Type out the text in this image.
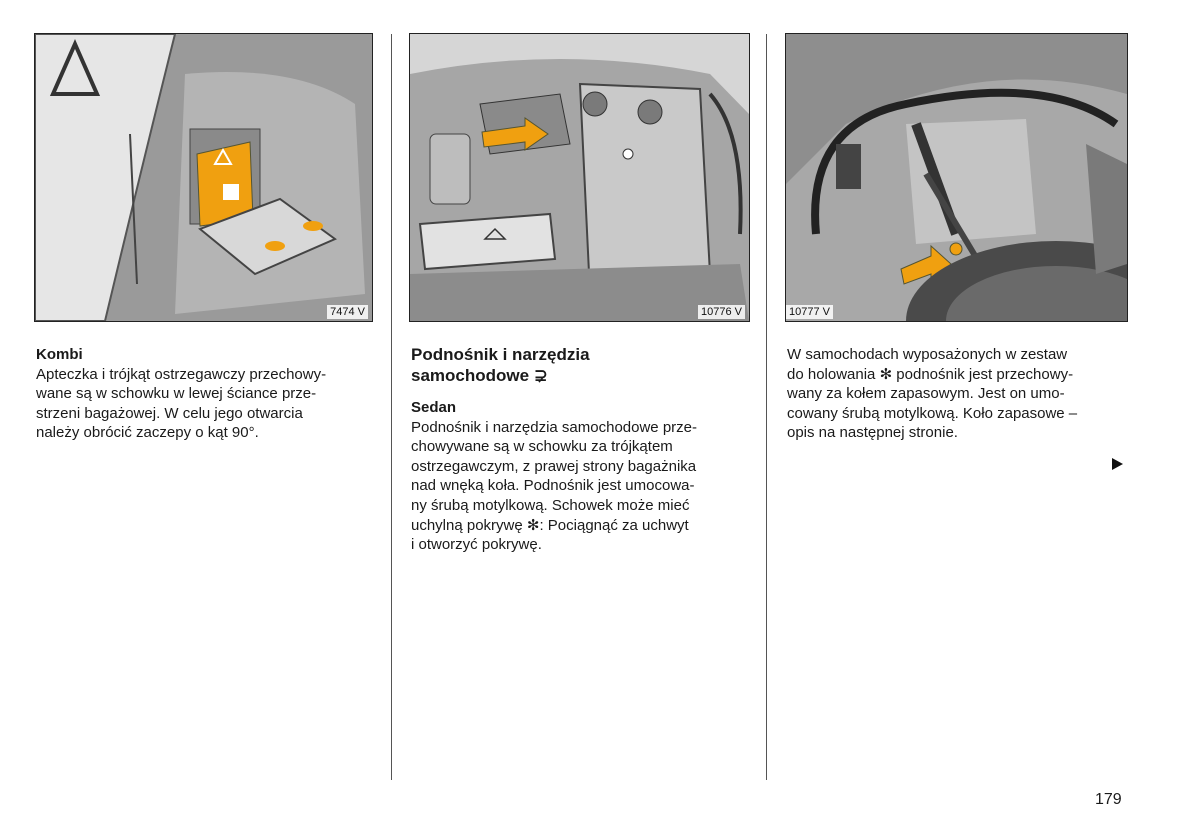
7474 V	10776 V	10777 V

Kombi

Apteczka i trójkąt ostrzegawczy przechowy-

wane są w schowku w lewej ściance prze-

strzeni bagażowej. W celu jego otwarcia

należy obrócić zaczepy o kąt 90°.

Podnośnik i narzędzia

samochodowe ⊋

Sedan

Podnośnik i narzędzia samochodowe prze-

chowywane są w schowku za trójkątem

ostrzegawczym, z prawej strony bagażnika

nad wnęką koła. Podnośnik jest umocowa-

ny śrubą motylkową. Schowek może mieć

uchylną pokrywę ✻: Pociągnąć za uchwyt

i otworzyć pokrywę.

W samochodach wyposażonych w zestaw

do holowania ✻ podnośnik jest przechowy-

wany za kołem zapasowym. Jest on umo-

cowany śrubą motylkową. Koło zapasowe –

opis na następnej stronie.

179
